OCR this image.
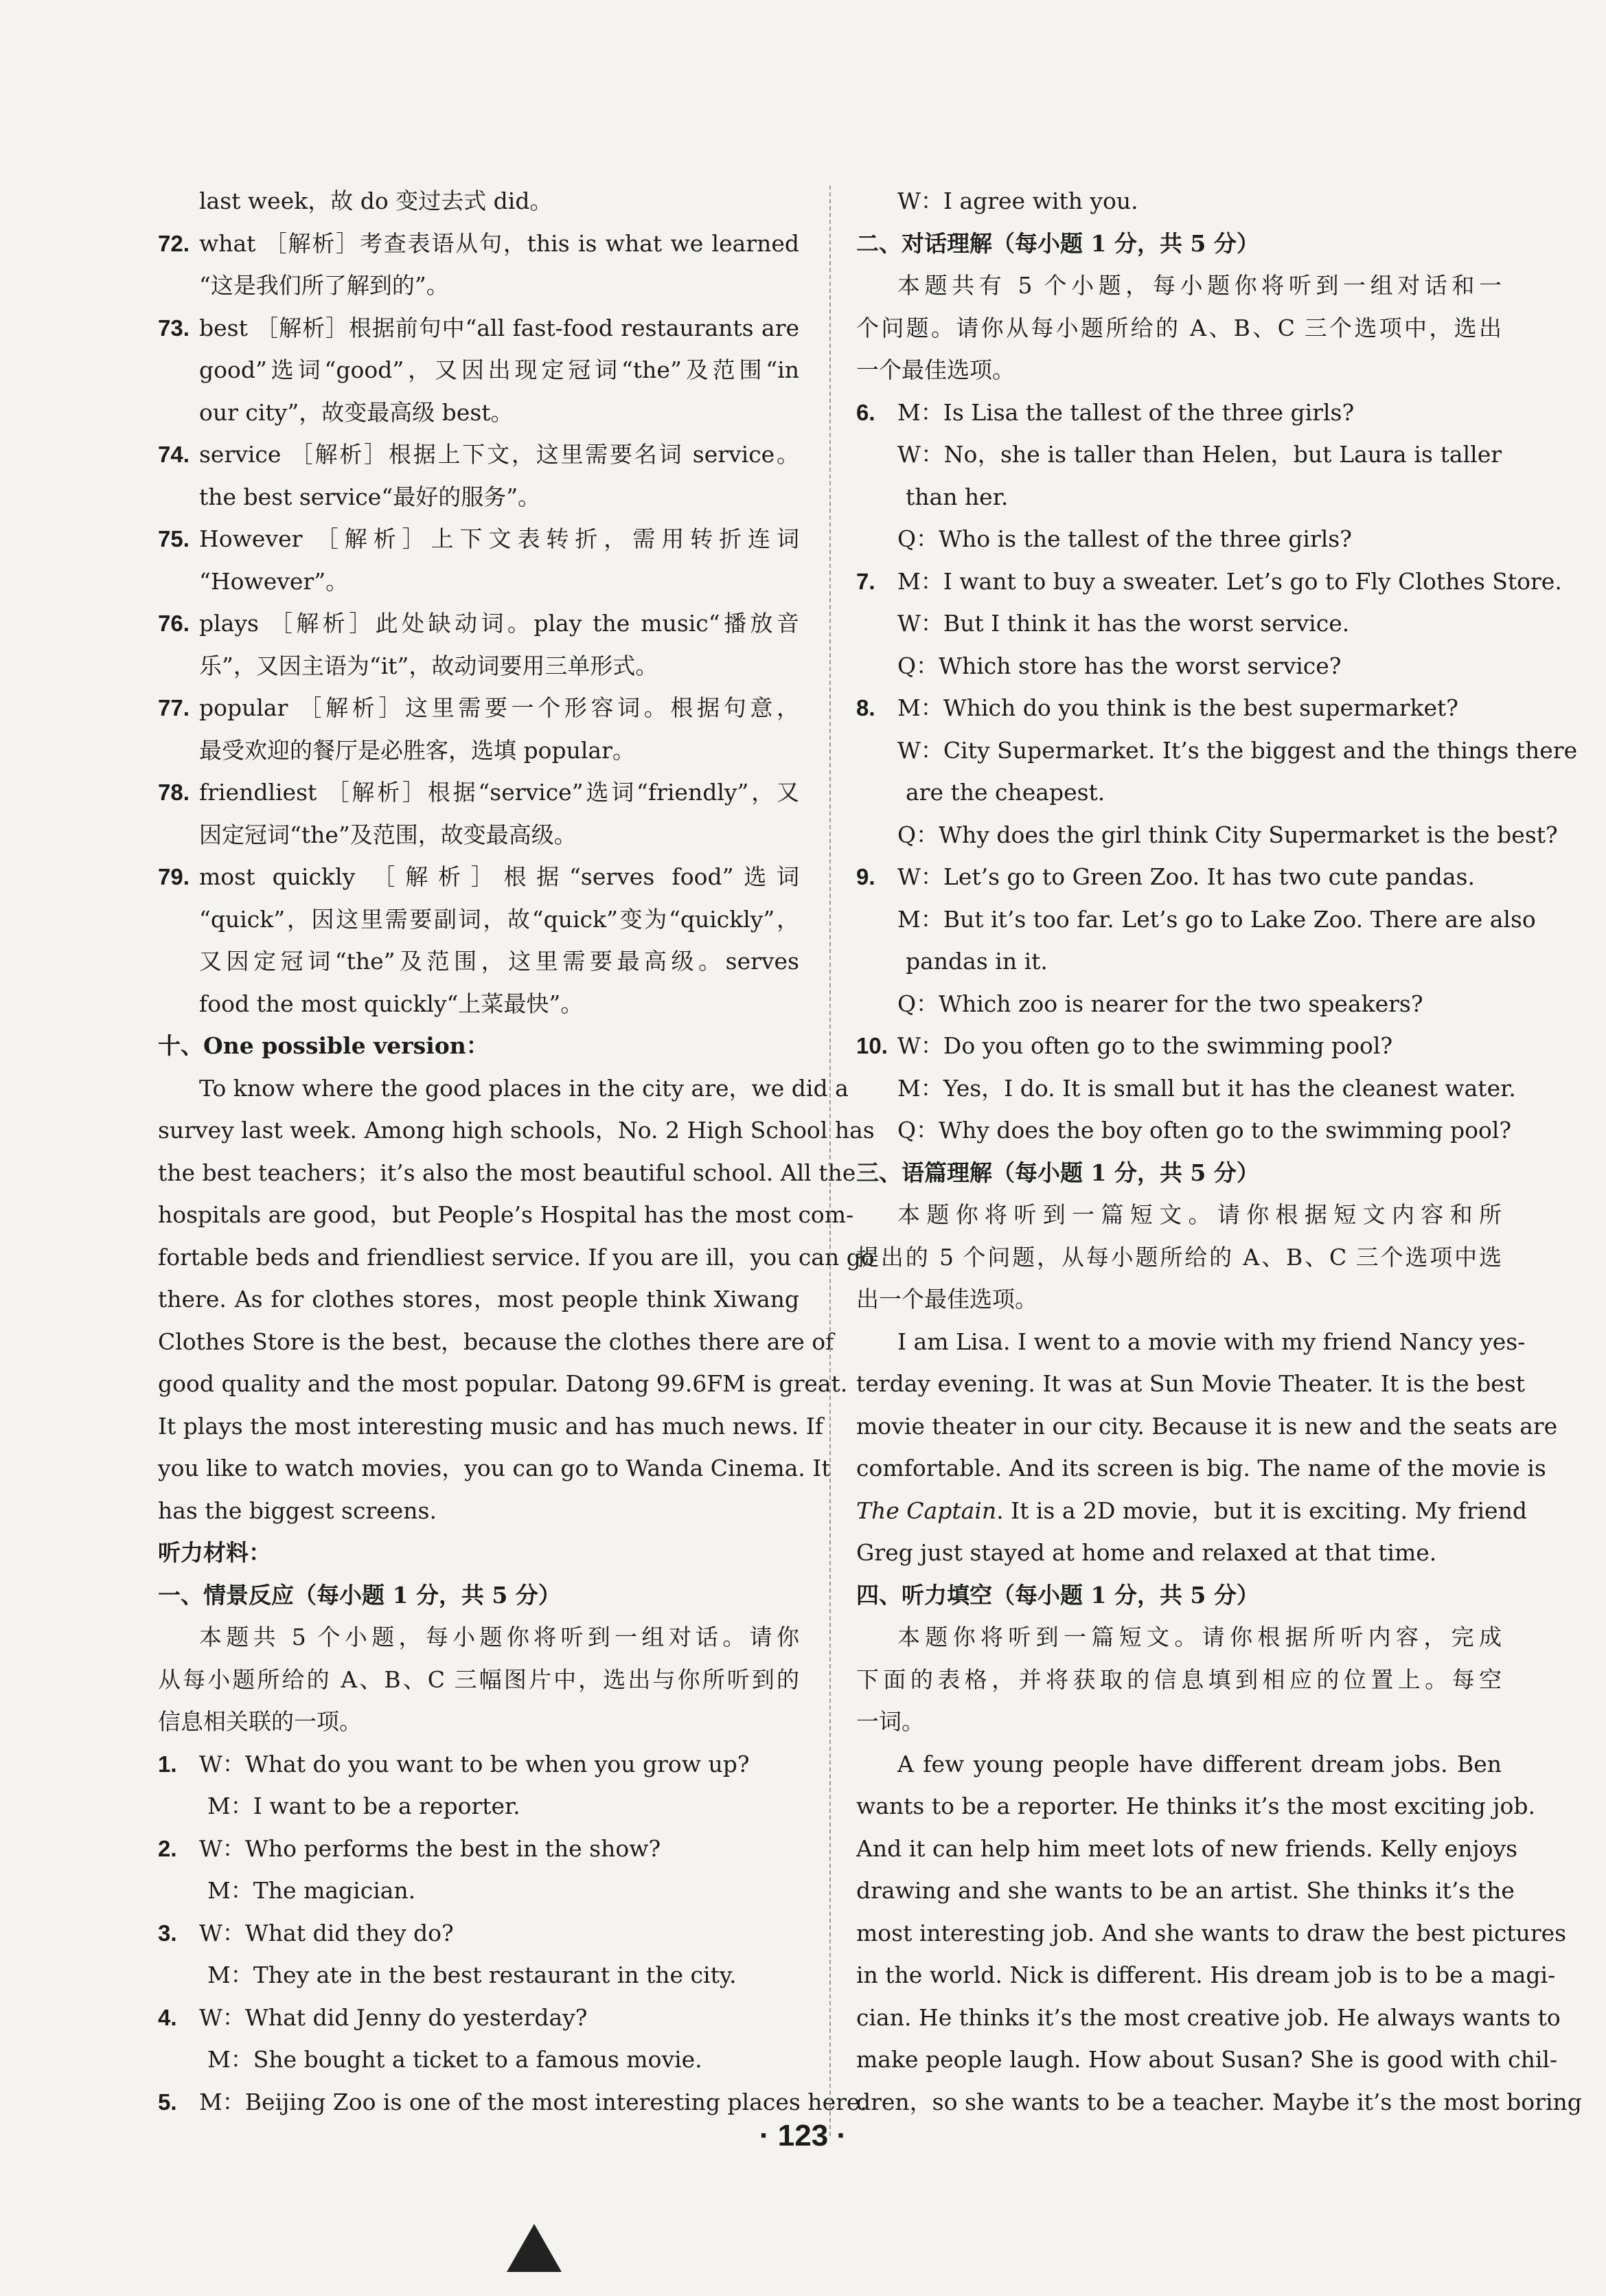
last week，故 do 变过去式 did。
72. what ［解析］考查表语从句，this is what we learned
“这是我们所了解到的”。
73. best ［解析］根据前句中“all fast-food restaurants are
good”选词“good”，又因出现定冠词“the”及范围“in
our city”，故变最高级 best。
74. service ［解析］根据上下文，这里需要名词 service。
the best service“最好的服务”。
75. However ［解析］上下文表转折，需用转折连词
“However”。
76. plays ［解析］此处缺动词。play the music“播放音
乐”，又因主语为“it”，故动词要用三单形式。
77. popular ［解析］这里需要一个形容词。根据句意，
最受欢迎的餐厅是必胜客，选填 popular。
78. friendliest ［解析］根据“service”选词“friendly”，又
因定冠词“the”及范围，故变最高级。
79. most quickly ［解析］根据“serves food”选词
“quick”，因这里需要副词，故“quick”变为“quickly”，
又因定冠词“the”及范围，这里需要最高级。serves
food the most quickly“上菜最快”。
十、One possible version：
To know where the good places in the city are，we did a
survey last week. Among high schools，No. 2 High School has
the best teachers；it’s also the most beautiful school. All the
hospitals are good，but People’s Hospital has the most com-
fortable beds and friendliest service. If you are ill，you can go
there. As for clothes stores，most people think Xiwang
Clothes Store is the best，because the clothes there are of
good quality and the most popular. Datong 99.6FM is great.
It plays the most interesting music and has much news. If
you like to watch movies，you can go to Wanda Cinema. It
has the biggest screens.
听力材料：
一、情景反应（每小题 1 分，共 5 分）
本题共 5 个小题，每小题你将听到一组对话。请你
从每小题所给的 A、B、C 三幅图片中，选出与你所听到的
信息相关联的一项。
1. W：What do you want to be when you grow up?
M：I want to be a reporter.
2. W：Who performs the best in the show?
M：The magician.
3. W：What did they do?
M：They ate in the best restaurant in the city.
4. W：What did Jenny do yesterday?
M：She bought a ticket to a famous movie.
5. M：Beijing Zoo is one of the most interesting places here.
W：I agree with you.
二、对话理解（每小题 1 分，共 5 分）
本题共有 5 个小题，每小题你将听到一组对话和一
个问题。请你从每小题所给的 A、B、C 三个选项中，选出
一个最佳选项。
6. M：Is Lisa the tallest of the three girls?
W：No，she is taller than Helen，but Laura is taller
than her.
Q：Who is the tallest of the three girls?
7. M：I want to buy a sweater. Let’s go to Fly Clothes Store.
W：But I think it has the worst service.
Q：Which store has the worst service?
8. M：Which do you think is the best supermarket?
W：City Supermarket. It’s the biggest and the things there
are the cheapest.
Q：Why does the girl think City Supermarket is the best?
9. W：Let’s go to Green Zoo. It has two cute pandas.
M：But it’s too far. Let’s go to Lake Zoo. There are also
pandas in it.
Q：Which zoo is nearer for the two speakers?
10. W：Do you often go to the swimming pool?
M：Yes，I do. It is small but it has the cleanest water.
Q：Why does the boy often go to the swimming pool?
三、语篇理解（每小题 1 分，共 5 分）
本题你将听到一篇短文。请你根据短文内容和所
提出的 5 个问题，从每小题所给的 A、B、C 三个选项中选
出一个最佳选项。
I am Lisa. I went to a movie with my friend Nancy yes-
terday evening. It was at Sun Movie Theater. It is the best
movie theater in our city. Because it is new and the seats are
comfortable. And its screen is big. The name of the movie is
The Captain. It is a 2D movie，but it is exciting. My friend
Greg just stayed at home and relaxed at that time.
四、听力填空（每小题 1 分，共 5 分）
本题你将听到一篇短文。请你根据所听内容，完成
下面的表格，并将获取的信息填到相应的位置上。每空
一词。
A few young people have different dream jobs. Ben
wants to be a reporter. He thinks it’s the most exciting job.
And it can help him meet lots of new friends. Kelly enjoys
drawing and she wants to be an artist. She thinks it’s the
most interesting job. And she wants to draw the best pictures
in the world. Nick is different. His dream job is to be a magi-
cian. He thinks it’s the most creative job. He always wants to
make people laugh. How about Susan? She is good with chil-
dren，so she wants to be a teacher. Maybe it’s the most boring
· 123 ·
